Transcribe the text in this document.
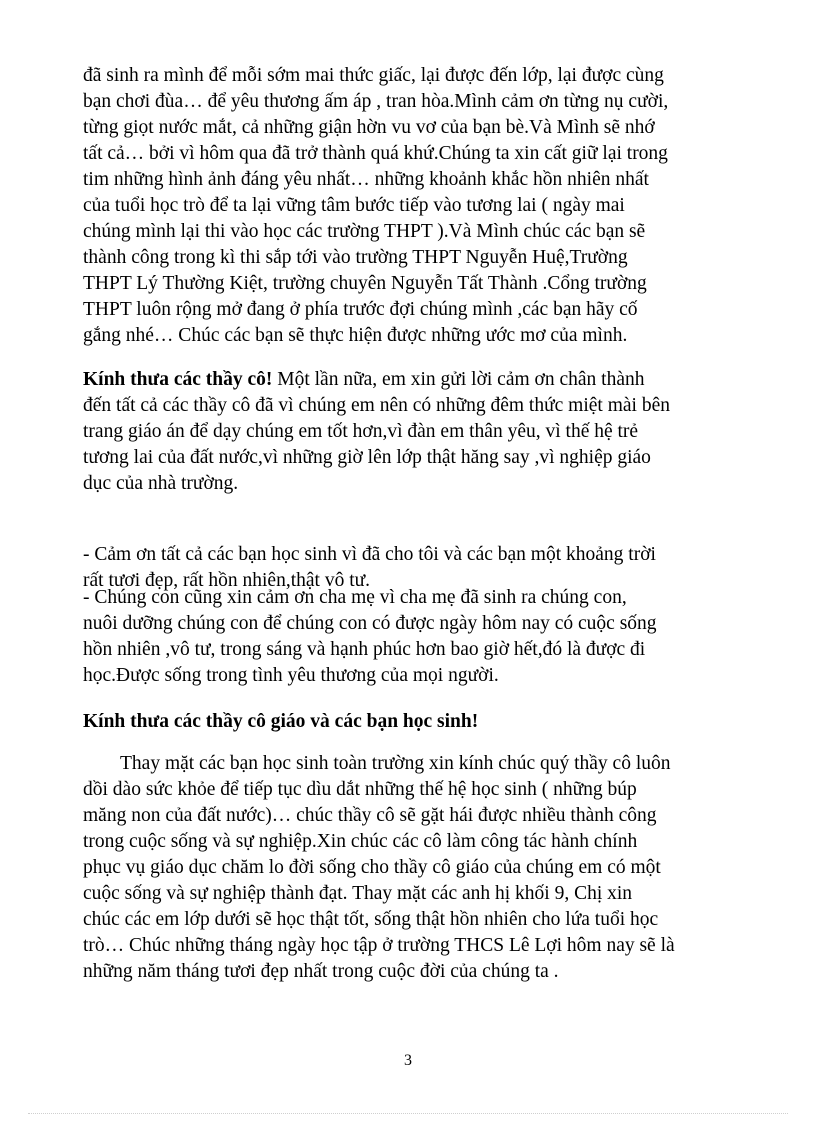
đã sinh ra mình để mỗi sớm mai thức giấc, lại được đến lớp, lại được cùng
bạn chơi đùa… để yêu thương ấm áp , tran hòa.Mình cảm ơn từng nụ cười,
từng giọt nước mắt, cả những giận hờn vu vơ của bạn bè.Và Mình sẽ nhớ
tất cả… bởi vì hôm qua đã trở thành quá khứ.Chúng ta xin cất giữ lại trong
tim những hình ảnh đáng yêu nhất… những khoảnh khắc hồn nhiên nhất
của tuổi học trò để ta lại vững tâm bước tiếp vào tương lai ( ngày mai
chúng mình lại thi vào học các trường THPT ).Và Mình chúc các bạn sẽ
thành công trong kì thi sắp tới vào trường THPT Nguyễn Huệ,Trường
THPT Lý Thường Kiệt, trường chuyên Nguyễn Tất Thành .Cổng trường
THPT luôn rộng mở đang ở phía trước đợi chúng mình ,các bạn hãy cố
gắng nhé… Chúc các bạn sẽ thực hiện được những ước mơ của mình.
Kính thưa các thầy cô! Một lần nữa, em xin gửi lời cảm ơn chân thành
đến tất cả các thầy cô đã vì chúng em nên có những đêm thức miệt mài bên
trang giáo án để dạy chúng em tốt hơn,vì đàn em thân yêu, vì thế hệ trẻ
tương lai của đất nước,vì những giờ lên lớp thật hăng say ,vì nghiệp giáo
dục của nhà trường.
- Cảm ơn tất cả các bạn học sinh vì đã cho tôi và các bạn một khoảng trời
rất tươi đẹp, rất hồn nhiên,thật vô tư.
- Chúng con cũng xin cảm ơn cha mẹ vì cha mẹ đã sinh ra chúng con,
nuôi dưỡng chúng con để chúng con có được ngày hôm nay có cuộc sống
hồn nhiên ,vô tư, trong sáng và hạnh phúc hơn bao giờ hết,đó là được đi
học.Được sống trong tình yêu thương của mọi người.
Kính thưa các thầy cô giáo và các bạn học sinh!
Thay mặt các bạn học sinh toàn trường xin kính chúc quý thầy cô luôn
dồi dào sức khỏe để tiếp tục dìu dắt những thế hệ học sinh ( những búp
măng non của đất nước)… chúc thầy cô sẽ gặt hái được nhiều thành công
trong cuộc sống và sự nghiệp.Xin chúc các cô làm công tác hành chính
phục vụ giáo dục chăm lo đời sống cho thầy cô giáo của chúng em có một
cuộc sống và sự nghiệp thành đạt. Thay mặt các anh hị khối 9, Chị xin
chúc các em lớp dưới sẽ học thật tốt, sống thật hồn nhiên cho lứa tuổi học
trò… Chúc những tháng ngày học tập ở trường THCS Lê Lợi hôm nay sẽ là
những năm tháng tươi đẹp nhất trong cuộc đời của chúng ta .
3
